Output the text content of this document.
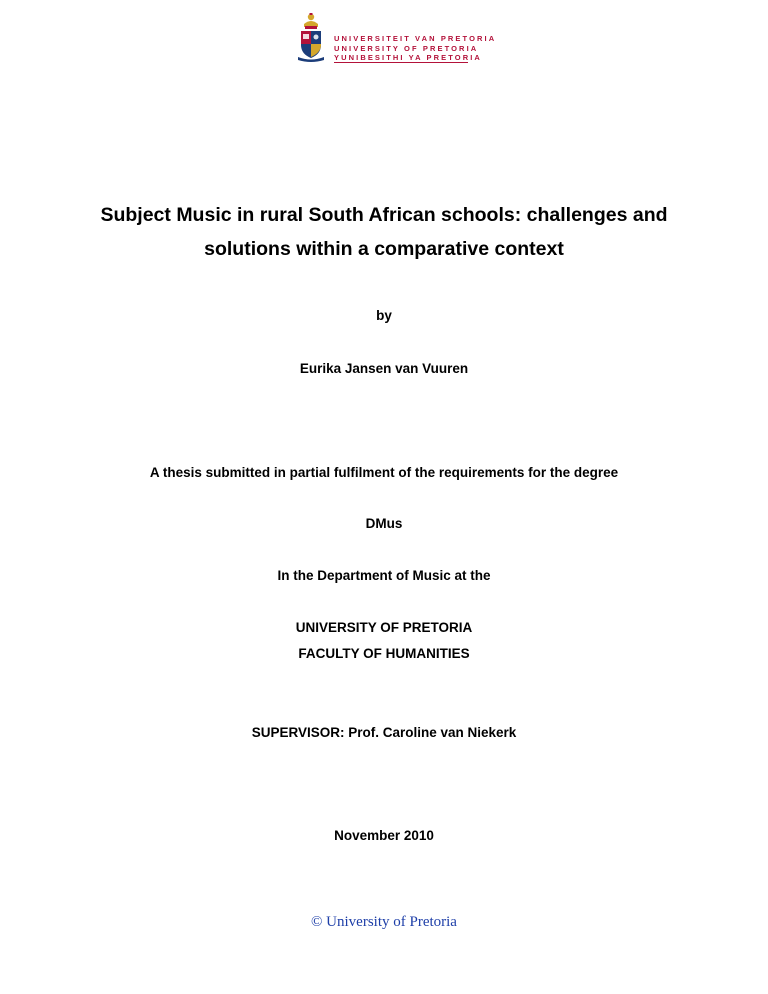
UNIVERSITEIT VAN PRETORIA
UNIVERSITY OF PRETORIA
YUNIBESITHI YA PRETORIA
Subject Music in rural South African schools: challenges and
solutions within a comparative context
by
Eurika Jansen van Vuuren
A thesis submitted in partial fulfilment of the requirements for the degree
DMus
In the Department of Music at the
UNIVERSITY OF PRETORIA
FACULTY OF HUMANITIES
SUPERVISOR: Prof. Caroline van Niekerk
November 2010
© University of Pretoria
